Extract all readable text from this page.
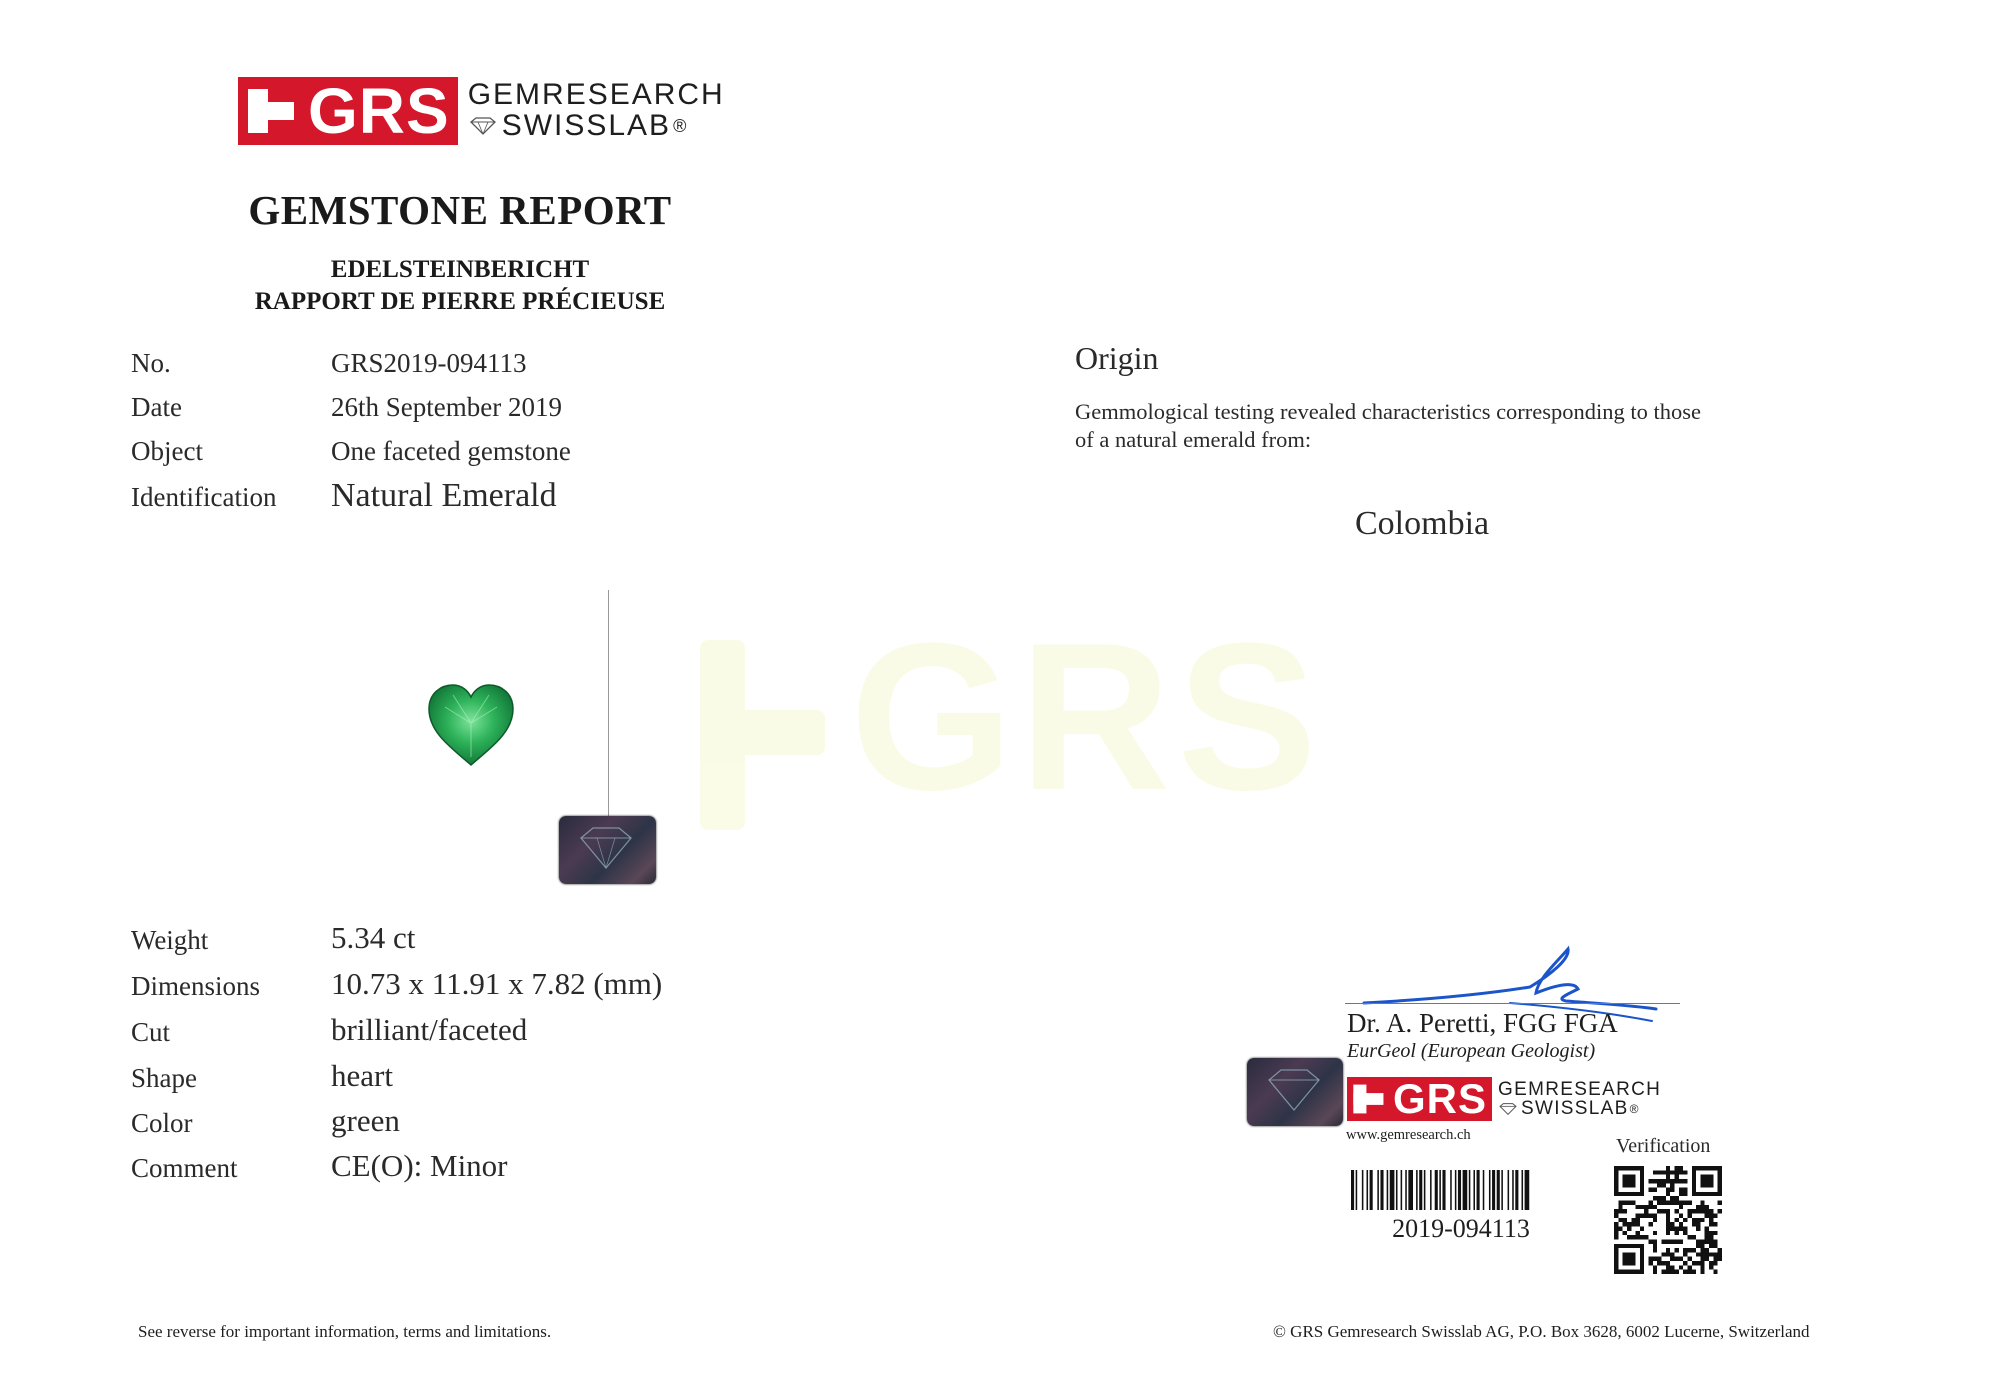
GRS
GRS GEMRESEARCH
SWISSLAB ®
GEMSTONE REPORT
EDELSTEINBERICHT
RAPPORT DE PIERRE PRÉCIEUSE
No.	GRS2019-094113
Date	26th September 2019
Object	One faceted gemstone
Identification Natural Emerald
Origin
Gemmological testing revealed characteristics corresponding to those
of a natural emerald from:
Colombia
Weight	5.34 ct
Dimensions 10.73 x 11.91 x 7.82 (mm)
Cut	brilliant/faceted
Shape	heart
Color	green
Comment	CE(O): Minor
Dr. A. Peretti, FGG FGA
EurGeol (European Geologist)
GRS GEMRESEARCH
SWISSLAB ®
www.gemresearch.ch	Verification
2019-094113
See reverse for important information, terms and limitations.	© GRS Gemresearch Swisslab AG, P.O. Box 3628, 6002 Lucerne, Switzerland
